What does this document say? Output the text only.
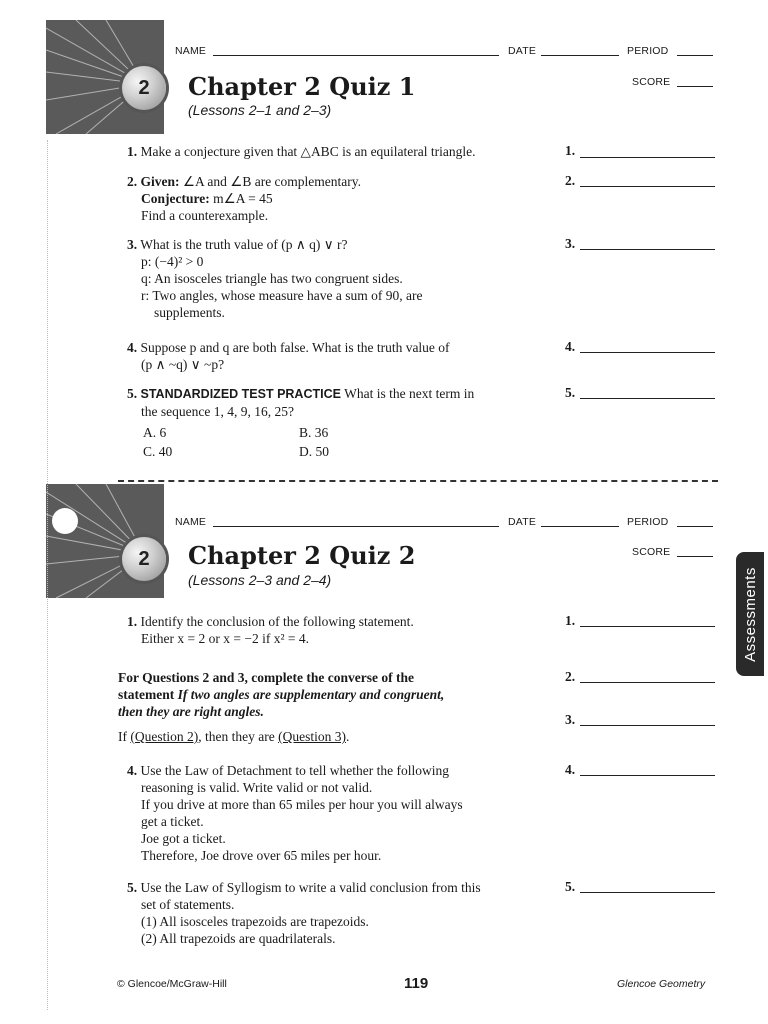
2
NAME	DATE	PERIOD
SCORE
Chapter 2 Quiz 1
(Lessons 2–1 and 2–3)
1. Make a conjecture given that △ABC is an equilateral triangle.	1.
2. Given: ∠A and ∠B are complementary.
Conjecture: m∠A = 45
Find a counterexample.
2.
3. What is the truth value of (p ∧ q) ∨ r?
p: (−4)² > 0
q: An isosceles triangle has two congruent sides.
r: Two angles, whose measure have a sum of 90, are
supplements.
3.
4. Suppose p and q are both false. What is the truth value of
(p ∧ ~q) ∨ ~p?
4.
5. STANDARDIZED TEST PRACTICE What is the next term in
the sequence 1, 4, 9, 16, 25?
A. 6	B. 36
C. 40	D. 50
5.
2
NAME	DATE	PERIOD
SCORE
Chapter 2 Quiz 2
(Lessons 2–3 and 2–4)
1. Identify the conclusion of the following statement.
Either x = 2 or x = −2 if x² = 4.
1.
For Questions 2 and 3, complete the converse of the
statement If two angles are supplementary and congruent,
then they are right angles.
If (Question 2), then they are (Question 3).
2.
3.
4. Use the Law of Detachment to tell whether the following
reasoning is valid. Write valid or not valid.
If you drive at more than 65 miles per hour you will always
get a ticket.
Joe got a ticket.
Therefore, Joe drove over 65 miles per hour.
4.
5. Use the Law of Syllogism to write a valid conclusion from this
set of statements.
(1) All isosceles trapezoids are trapezoids.
(2) All trapezoids are quadrilaterals.
5.
Assessments
© Glencoe/McGraw-Hill	119	Glencoe Geometry
